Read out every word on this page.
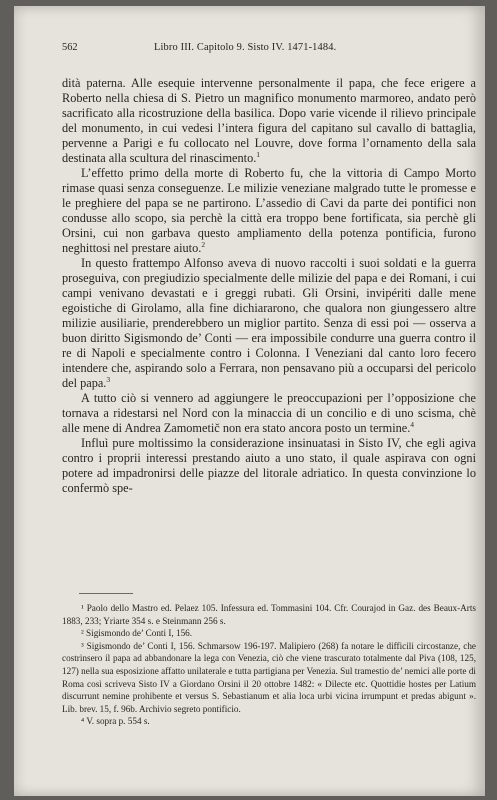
562	Libro III. Capitolo 9. Sisto IV. 1471-1484.

dità paterna. Alle esequie intervenne personalmente il papa, che fece erigere a Roberto nella chiesa di S. Pietro un magnifico monumento marmoreo, andato però sacrificato alla ricostruzione della basilica. Dopo varie vicende il rilievo principale del monumento, in cui vedesi l’intera figura del capitano sul cavallo di battaglia, pervenne a Parigi e fu collocato nel Louvre, dove forma l’ornamento della sala destinata alla scultura del rinascimento.$^1$

L’effetto primo della morte di Roberto fu, che la vittoria di Campo Morto rimase quasi senza conseguenze. Le milizie veneziane malgrado tutte le promesse e le preghiere del papa se ne partirono. L’assedio di Cavi da parte dei pontifici non condusse allo scopo, sia perchè la città era troppo bene fortificata, sia perchè gli Orsini, cui non garbava questo ampliamento della potenza pontificia, furono neghittosi nel prestare aiuto.$^2$

In questo frattempo Alfonso aveva di nuovo raccolti i suoi soldati e la guerra proseguiva, con pregiudizio specialmente delle milizie del papa e dei Romani, i cui campi venivano devastati e i greggi rubati. Gli Orsini, invipériti dalle mene egoistiche di Girolamo, alla fine dichiararono, che qualora non giungessero altre milizie ausiliarie, prenderebbero un miglior partito. Senza di essi poi — osserva a buon diritto Sigismondo de’ Conti — era impossibile condurre una guerra contro il re di Napoli e specialmente contro i Colonna. I Veneziani dal canto loro fecero intendere che, aspirando solo a Ferrara, non pensavano più a occuparsi del pericolo del papa.$^3$

A tutto ciò si vennero ad aggiungere le preoccupazioni per l’opposizione che tornava a ridestarsi nel Nord con la minaccia di un concilio e di uno scisma, chè alle mene di Andrea Zamometič non era stato ancora posto un termine.$^4$

Influì pure moltissimo la considerazione insinuatasi in Sisto IV, che egli agiva contro i proprii interessi prestando aiuto a uno stato, il quale aspirava con ogni potere ad impadronirsi delle piazze del litorale adriatico. In questa convinzione lo confermò spe-

¹ Paolo dello Mastro ed. Pelaez 105. Infessura ed. Tommasini 104. Cfr. Courajod in Gaz. des Beaux-Arts 1883, 233; Yriarte 354 s. e Steinmann 256 s.

² Sigismondo de’ Conti I, 156.

³ Sigismondo de’ Conti I, 156. Schmarsow 196-197. Malipiero (268) fa notare le difficili circostanze, che costrinsero il papa ad abbandonare la lega con Venezia, ciò che viene trascurato totalmente dal Piva (108, 125, 127) nella sua esposizione affatto unilaterale e tutta partigiana per Venezia. Sul tramestio de’ nemici alle porte di Roma così scriveva Sisto IV a Giordano Orsini il 20 ottobre 1482: « Dilecte etc. Quottidie hostes per Latium discurrunt nemine prohibente et versus S. Sebastianum et alia loca urbi vicina irrumpunt et predas abigunt ». Lib. brev. 15, f. 96b. Archivio segreto pontificio.

⁴ V. sopra p. 554 s.
